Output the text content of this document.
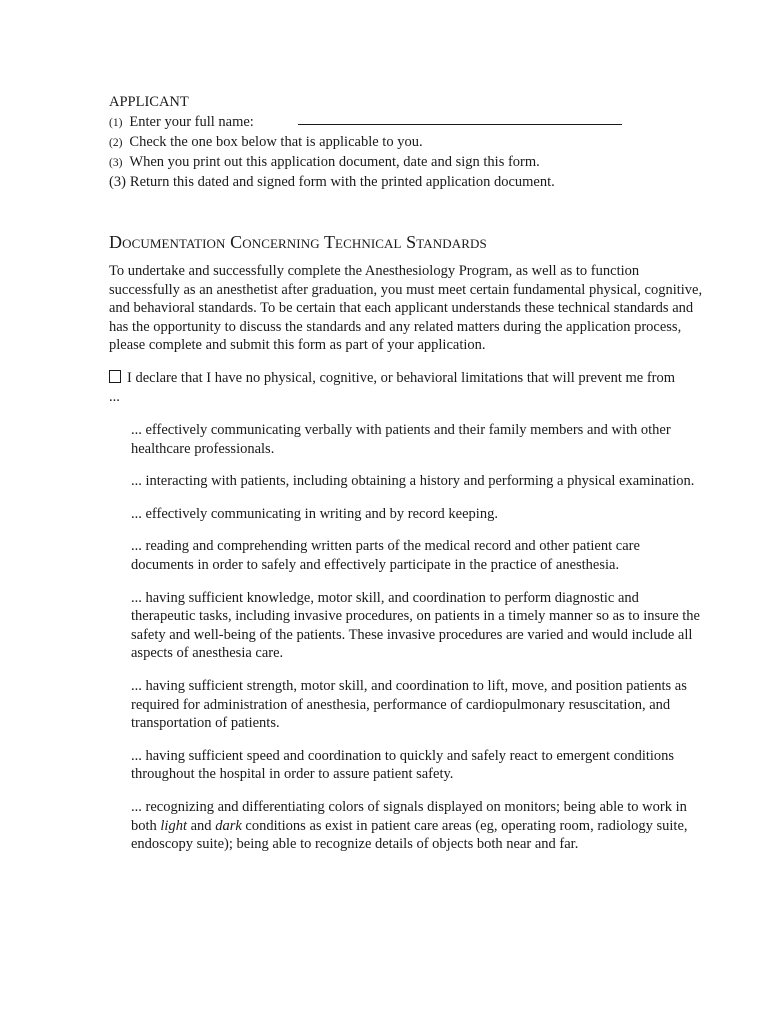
APPLICANT
(1) Enter your full name:
(2) Check the one box below that is applicable to you.
(3) When you print out this application document, date and sign this form.
(3) Return this dated and signed form with the printed application document.
Documentation Concerning Technical Standards

To undertake and successfully complete the Anesthesiology Program, as well as to function successfully as an anesthetist after graduation, you must meet certain fundamental physical, cognitive, and behavioral standards. To be certain that each applicant understands these technical standards and has the opportunity to discuss the standards and any related matters during the application process, please complete and submit this form as part of your application.

I declare that I have no physical, cognitive, or behavioral limitations that will prevent me from ...

... effectively communicating verbally with patients and their family members and with other healthcare professionals.
... interacting with patients, including obtaining a history and performing a physical examination.
... effectively communicating in writing and by record keeping.
... reading and comprehending written parts of the medical record and other patient care documents in order to safely and effectively participate in the practice of anesthesia.
... having sufficient knowledge, motor skill, and coordination to perform diagnostic and therapeutic tasks, including invasive procedures, on patients in a timely manner so as to insure the safety and well-being of the patients. These invasive procedures are varied and would include all aspects of anesthesia care.
... having sufficient strength, motor skill, and coordination to lift, move, and position patients as required for administration of anesthesia, performance of cardiopulmonary resuscitation, and transportation of patients.
... having sufficient speed and coordination to quickly and safely react to emergent conditions throughout the hospital in order to assure patient safety.
... recognizing and differentiating colors of signals displayed on monitors; being able to work in both light and dark conditions as exist in patient care areas (eg, operating room, radiology suite, endoscopy suite); being able to recognize details of objects both near and far.
